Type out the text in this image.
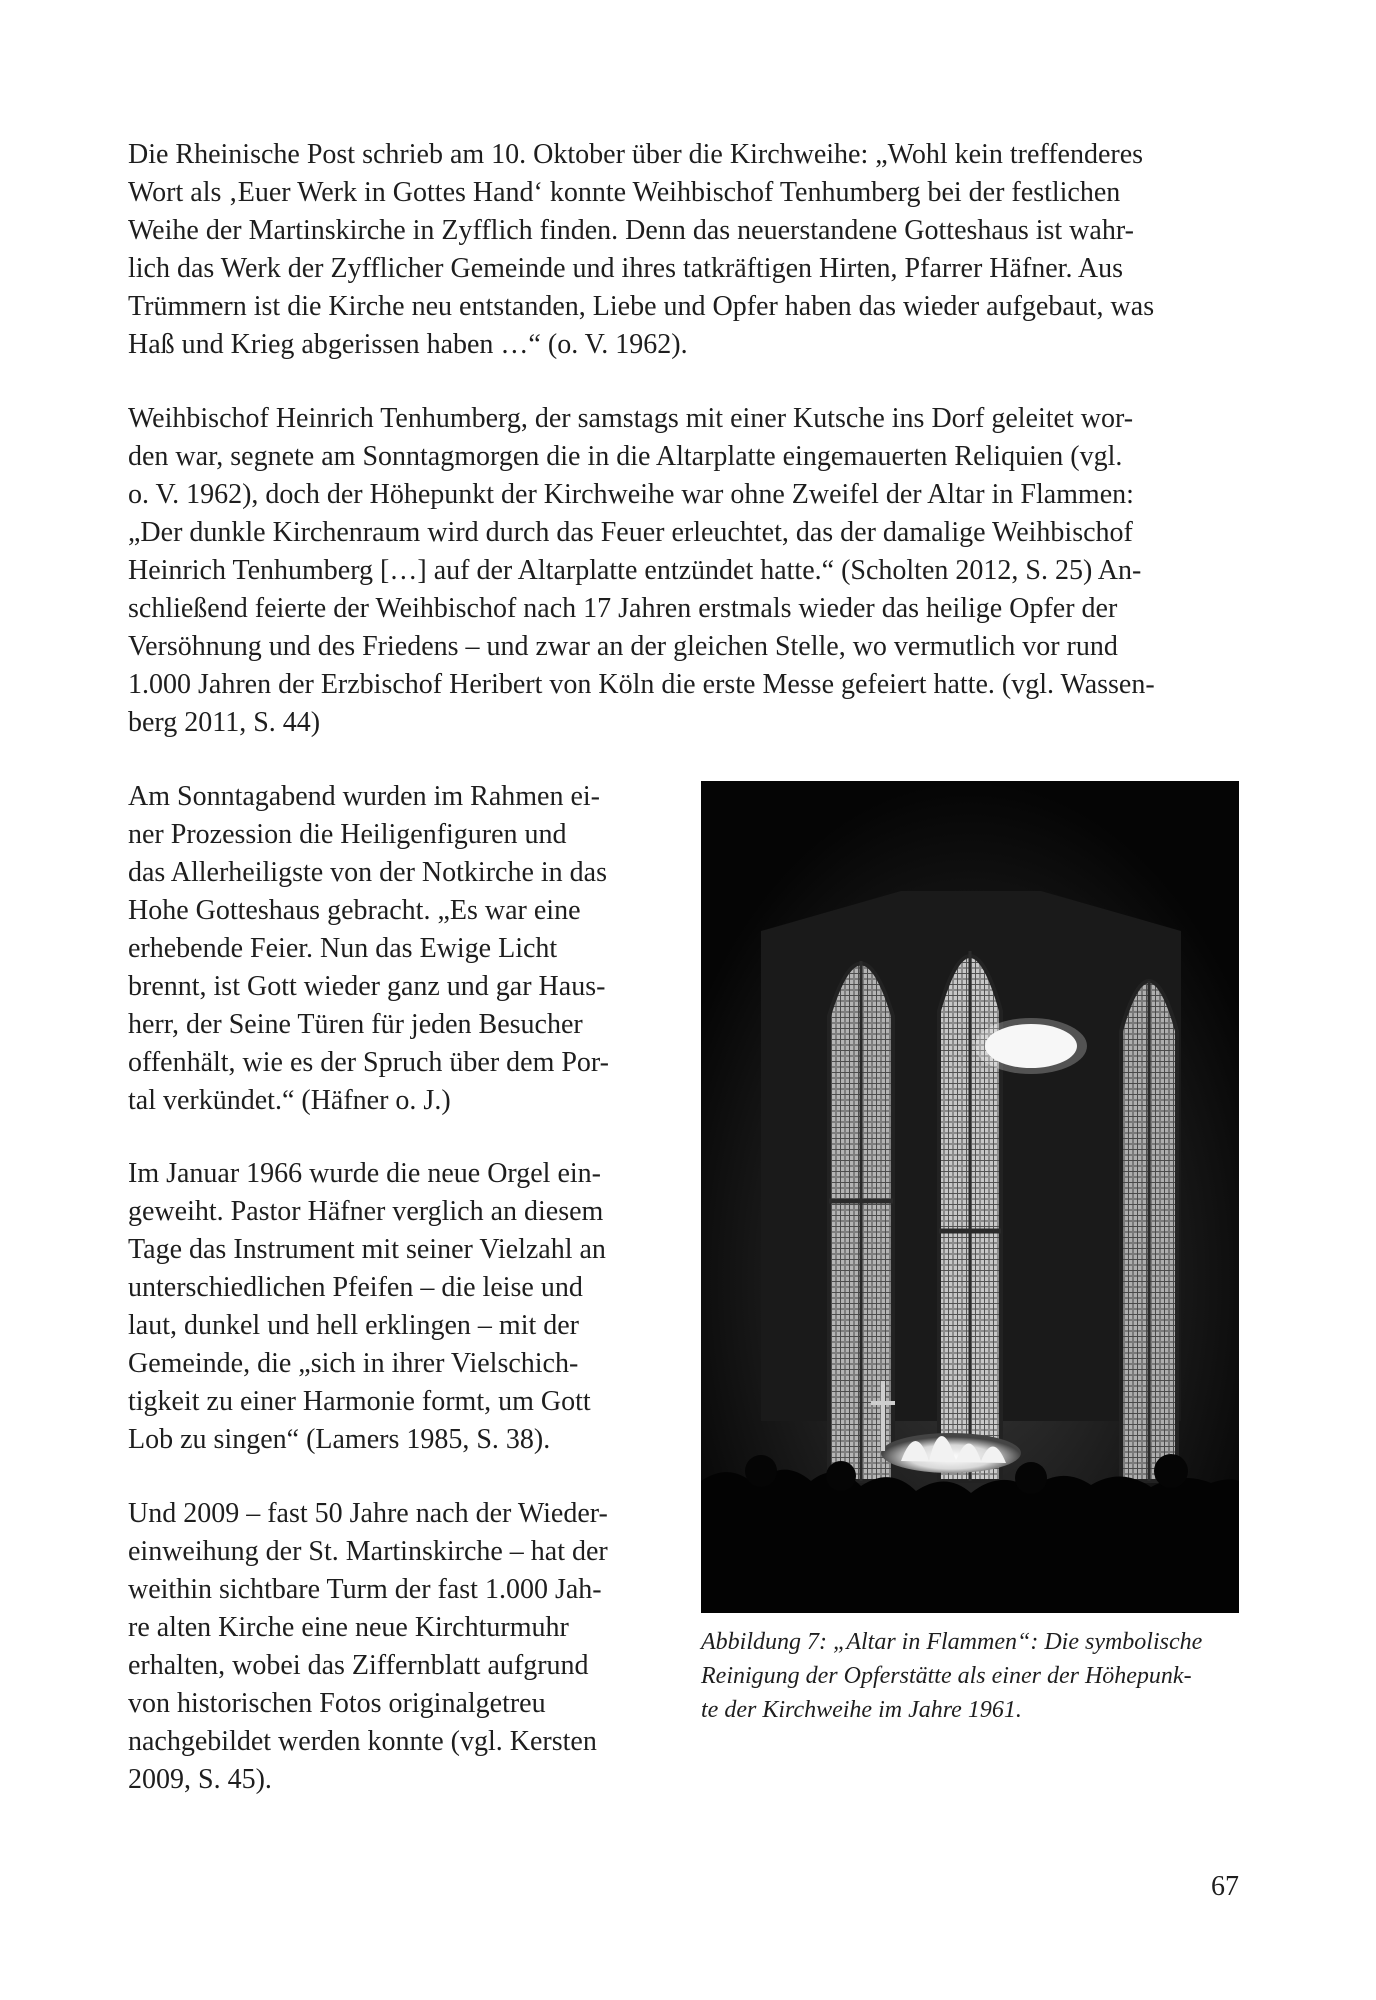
Die Rheinische Post schrieb am 10. Oktober über die Kirchweihe: „Wohl kein treffenderes
Wort als ‚Euer Werk in Gottes Hand‘ konnte Weihbischof Tenhumberg bei der festlichen
Weihe der Martinskirche in Zyfflich finden. Denn das neuerstandene Gotteshaus ist wahr-
lich das Werk der Zyfflicher Gemeinde und ihres tatkräftigen Hirten, Pfarrer Häfner. Aus
Trümmern ist die Kirche neu entstanden, Liebe und Opfer haben das wieder aufgebaut, was
Haß und Krieg abgerissen haben …“ (o. V. 1962).
Weihbischof Heinrich Tenhumberg, der samstags mit einer Kutsche ins Dorf geleitet wor-
den war, segnete am Sonntagmorgen die in die Altarplatte eingemauerten Reliquien (vgl.
o. V. 1962), doch der Höhepunkt der Kirchweihe war ohne Zweifel der Altar in Flammen:
„Der dunkle Kirchenraum wird durch das Feuer erleuchtet, das der damalige Weihbischof
Heinrich Tenhumberg […] auf der Altarplatte entzündet hatte.“ (Scholten 2012, S. 25) An-
schließend feierte der Weihbischof nach 17 Jahren erstmals wieder das heilige Opfer der
Versöhnung und des Friedens – und zwar an der gleichen Stelle, wo vermutlich vor rund
1.000 Jahren der Erzbischof Heribert von Köln die erste Messe gefeiert hatte. (vgl. Wassen-
berg 2011, S. 44)
Am Sonntagabend wurden im Rahmen ei-
ner Prozession die Heiligenfiguren und
das Allerheiligste von der Notkirche in das
Hohe Gotteshaus gebracht. „Es war eine
erhebende Feier. Nun das Ewige Licht
brennt, ist Gott wieder ganz und gar Haus-
herr, der Seine Türen für jeden Besucher
offenhält, wie es der Spruch über dem Por-
tal verkündet.“ (Häfner o. J.)
Im Januar 1966 wurde die neue Orgel ein-
geweiht. Pastor Häfner verglich an diesem
Tage das Instrument mit seiner Vielzahl an
unterschiedlichen Pfeifen – die leise und
laut, dunkel und hell erklingen – mit der
Gemeinde, die „sich in ihrer Vielschich-
tigkeit zu einer Harmonie formt, um Gott
Lob zu singen“ (Lamers 1985, S. 38).
Und 2009 – fast 50 Jahre nach der Wieder-
einweihung der St. Martinskirche – hat der
weithin sichtbare Turm der fast 1.000 Jah-
re alten Kirche eine neue Kirchturmuhr
erhalten, wobei das Ziffernblatt aufgrund
von historischen Fotos originalgetreu
nachgebildet werden konnte (vgl. Kersten
2009, S. 45).
Abbildung 7: „Altar in Flammen“: Die symbolische
Reinigung der Opferstätte als einer der Höhepunk-
te der Kirchweihe im Jahre 1961.
67
